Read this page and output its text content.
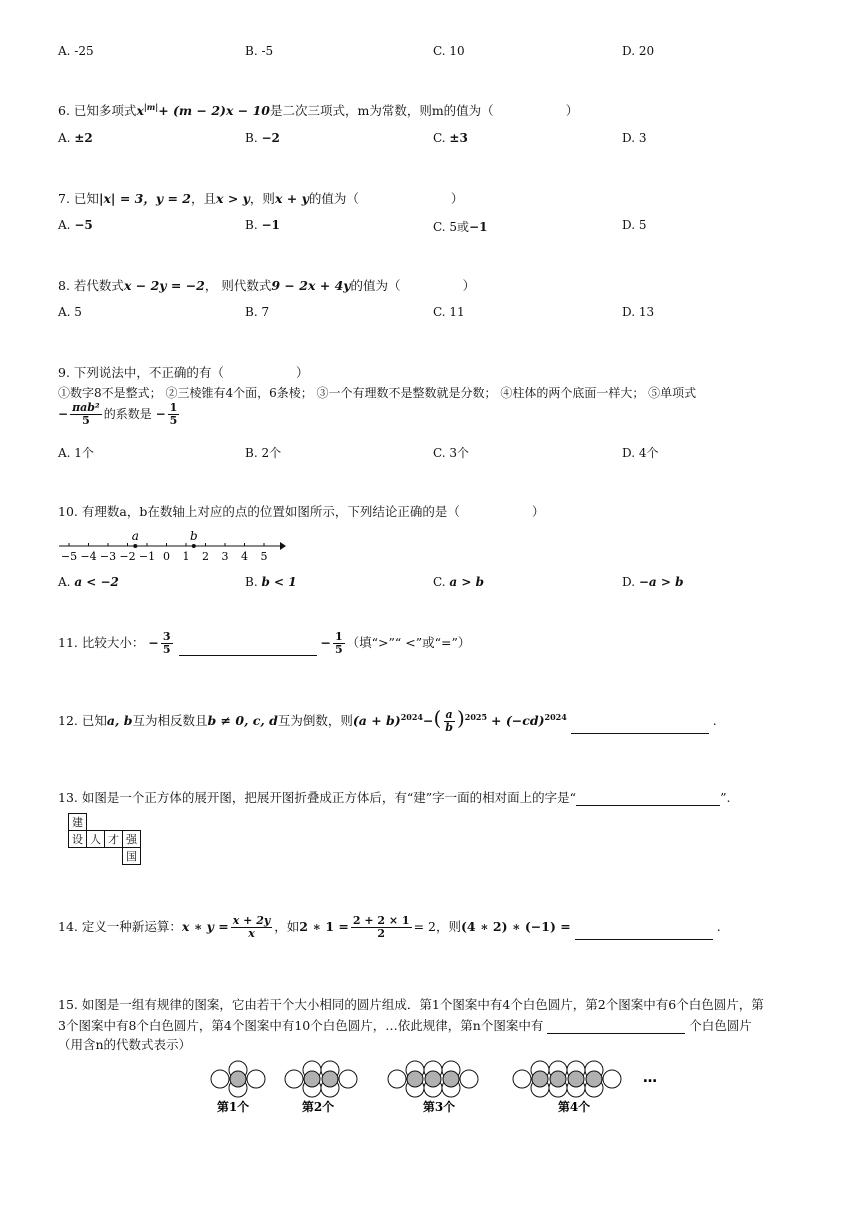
A. -25	B. -5	C. 10	D. 20
6. 已知多项式$x^{|m|}+ (m - 2)x - 10$是二次三项式，m为常数，则m的值为（	）
A. ±2	B. −2	C. ±3	D. 3
7. 已知|x| = 3，y = 2，且x > y，则x + y的值为（	）
A. −5	B. −1	C. 5或−1	D. 5
8. 若代数式x − 2y = −2， 则代数式9 − 2x + 4y的值为（	）
A. 5	B. 7	C. 11	D. 13
9. 下列说法中，不正确的有（	）
①数字8不是整式； ②三棱锥有4个面，6条棱； ③一个有理数不是整数就是分数； ④柱体的两个底面一样大； ⑤单项式
− $\frac{\text{πab²}}{5}$ 的系数是 − $\frac{1}{5}$
A. 1个	B. 2个	C. 3个	D. 4个
10. 有理数a，b在数轴上对应的点的位置如图所示，下列结论正确的是（	）
−5 −4 −3 −2 −1 0 1 2 3 4 5
a	b
A. a < −2	B. b < 1	C. a > b	D. −a > b
11. 比较大小： − $\frac{3}{5}$	− $\frac{1}{5}$ （填“>”“ <”或“=”）
12. 已知a, b互为相反数且b ≠ 0, c, d互为倒数，则$(a + b)^{2024}-( \frac{a}{b} )^{2025} + (-cd)^{2024}$	.
13. 如图是一个正方体的展开图，把展开图折叠成正方体后，有“建”字一面的相对面上的字是“	”.
建			
设	人	才	强
			国
14. 定义一种新运算：x ∗ $y = \frac{x + 2y}{x}$ ，如2 ∗ $1 = \frac{2 + 2 \times 1}{2} = 2$，则(4 ∗ 2) ∗ (−1) =	.
15. 如图是一组有规律的图案，它由若干个大小相同的圆片组成．第1个图案中有4个白色圆片，第2个图案中有6个白色圆片，第
3个图案中有8个白色圆片，第4个图案中有10个白色圆片，…依此规律，第n个图案中有	个白色圆片
（用含n的代数式表示）
第1个	第2个	第3个	第4个
…
